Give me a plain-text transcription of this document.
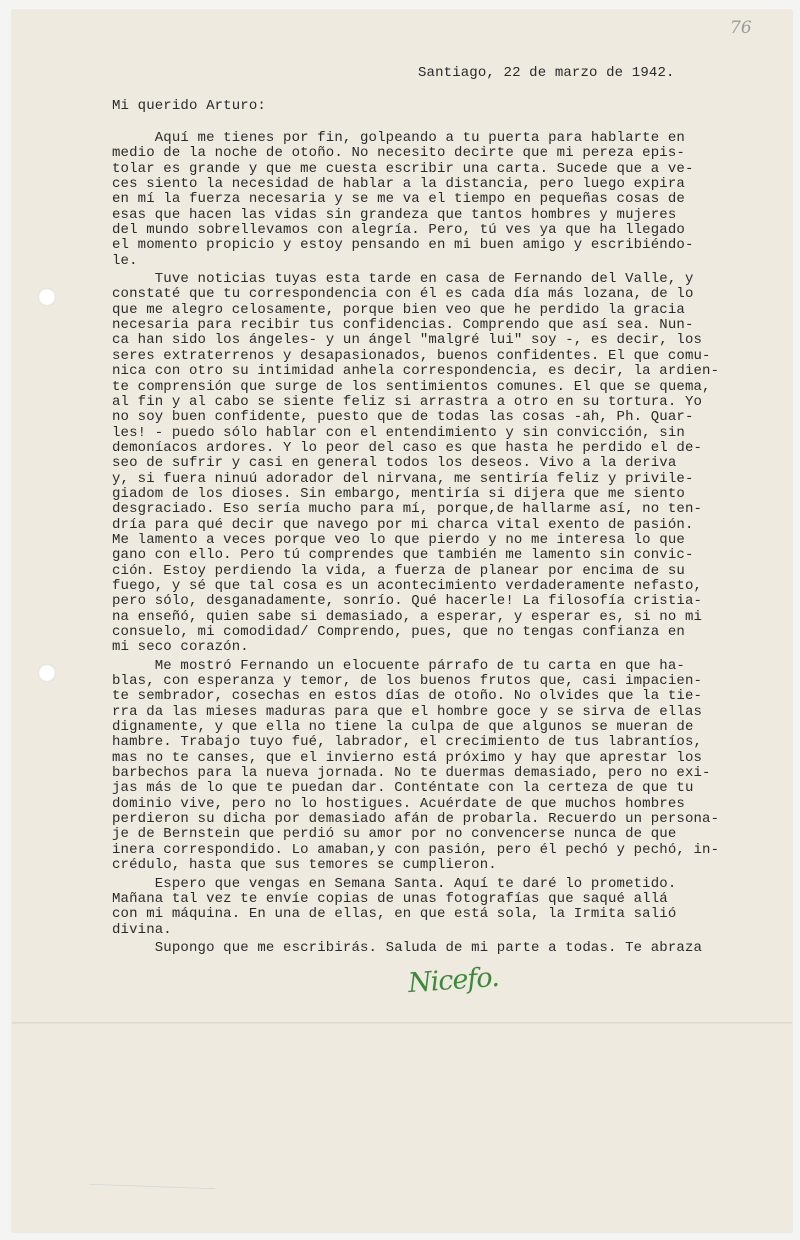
76
Santiago, 22 de marzo de 1942.
Mi querido Arturo:
Aquí me tienes por fin, golpeando a tu puerta para hablarte en
medio de la noche de otoño. No necesito decirte que mi pereza epis-
tolar es grande y que me cuesta escribir una carta. Sucede que a ve-
ces siento la necesidad de hablar a la distancia, pero luego expira
en mí la fuerza necesaria y se me va el tiempo en pequeñas cosas de
esas que hacen las vidas sin grandeza que tantos hombres y mujeres
del mundo sobrellevamos con alegría. Pero, tú ves ya que ha llegado
el momento propicio y estoy pensando en mi buen amigo y escribiéndo-
le.
Tuve noticias tuyas esta tarde en casa de Fernando del Valle, y
constaté que tu correspondencia con él es cada día más lozana, de lo
que me alegro celosamente, porque bien veo que he perdido la gracia
necesaria para recibir tus confidencias. Comprendo que así sea. Nun-
ca han sido los ángeles- y un ángel "malgré lui" soy -, es decir, los
seres extraterrenos y desapasionados, buenos confidentes. El que comu-
nica con otro su intimidad anhela correspondencia, es decir, la ardien-
te comprensión que surge de los sentimientos comunes. El que se quema,
al fin y al cabo se siente feliz si arrastra a otro en su tortura. Yo
no soy buen confidente, puesto que de todas las cosas -ah, Ph. Quar-
les! - puedo sólo hablar con el entendimiento y sin convicción, sin
demoníacos ardores. Y lo peor del caso es que hasta he perdido el de-
seo de sufrir y casi en general todos los deseos. Vivo a la deriva
y, si fuera ninuú adorador del nirvana, me sentiría feliz y privile-
giadom de los dioses. Sin embargo, mentiría si dijera que me siento
desgraciado. Eso sería mucho para mí, porque,de hallarme así, no ten-
dría para qué decir que navego por mi charca vital exento de pasión.
Me lamento a veces porque veo lo que pierdo y no me interesa lo que
gano con ello. Pero tú comprendes que también me lamento sin convic-
ción. Estoy perdiendo la vida, a fuerza de planear por encima de su
fuego, y sé que tal cosa es un acontecimiento verdaderamente nefasto,
pero sólo, desganadamente, sonrío. Qué hacerle! La filosofía cristia-
na enseñó, quien sabe si demasiado, a esperar, y esperar es, si no mi
consuelo, mi comodidad/ Comprendo, pues, que no tengas confianza en
mi seco corazón.
Me mostró Fernando un elocuente párrafo de tu carta en que ha-
blas, con esperanza y temor, de los buenos frutos que, casi impacien-
te sembrador, cosechas en estos días de otoño. No olvides que la tie-
rra da las mieses maduras para que el hombre goce y se sirva de ellas
dignamente, y que ella no tiene la culpa de que algunos se mueran de
hambre. Trabajo tuyo fué, labrador, el crecimiento de tus labrantíos,
mas no te canses, que el invierno está próximo y hay que aprestar los
barbechos para la nueva jornada. No te duermas demasiado, pero no exi-
jas más de lo que te puedan dar. Conténtate con la certeza de que tu
dominio vive, pero no lo hostigues. Acuérdate de que muchos hombres
perdieron su dicha por demasiado afán de probarla. Recuerdo un persona-
je de Bernstein que perdió su amor por no convencerse nunca de que
inera correspondido. Lo amaban,y con pasión, pero él pechó y pechó, in-
crédulo, hasta que sus temores se cumplieron.
Espero que vengas en Semana Santa. Aquí te daré lo prometido.
Mañana tal vez te envíe copias de unas fotografías que saqué allá
con mi máquina. En una de ellas, en que está sola, la Irmita salió
divina.
Supongo que me escribirás. Saluda de mi parte a todas. Te abraza
Nicefo.
⎯⎯⎯⎯⎯⎯⎯⎯⎯⎯⎯⎯⎯⎯⎯⎯⎯⎯
